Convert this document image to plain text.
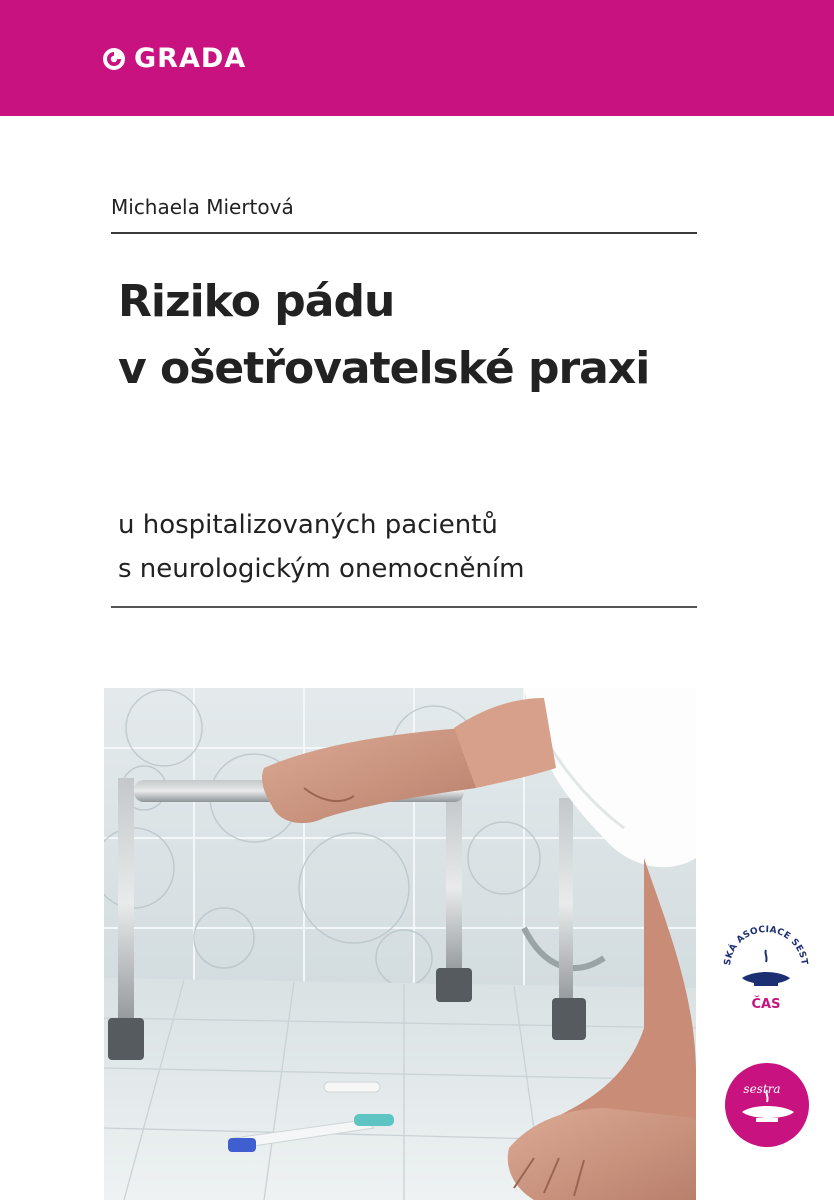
GRADA
Michaela Miertová
Riziko pádu
v ošetřovatelské praxi
u hospitalizovaných pacientů
s neurologickým onemocněním
SKÁ ASOCIACE SEST
ČAS
sestra
